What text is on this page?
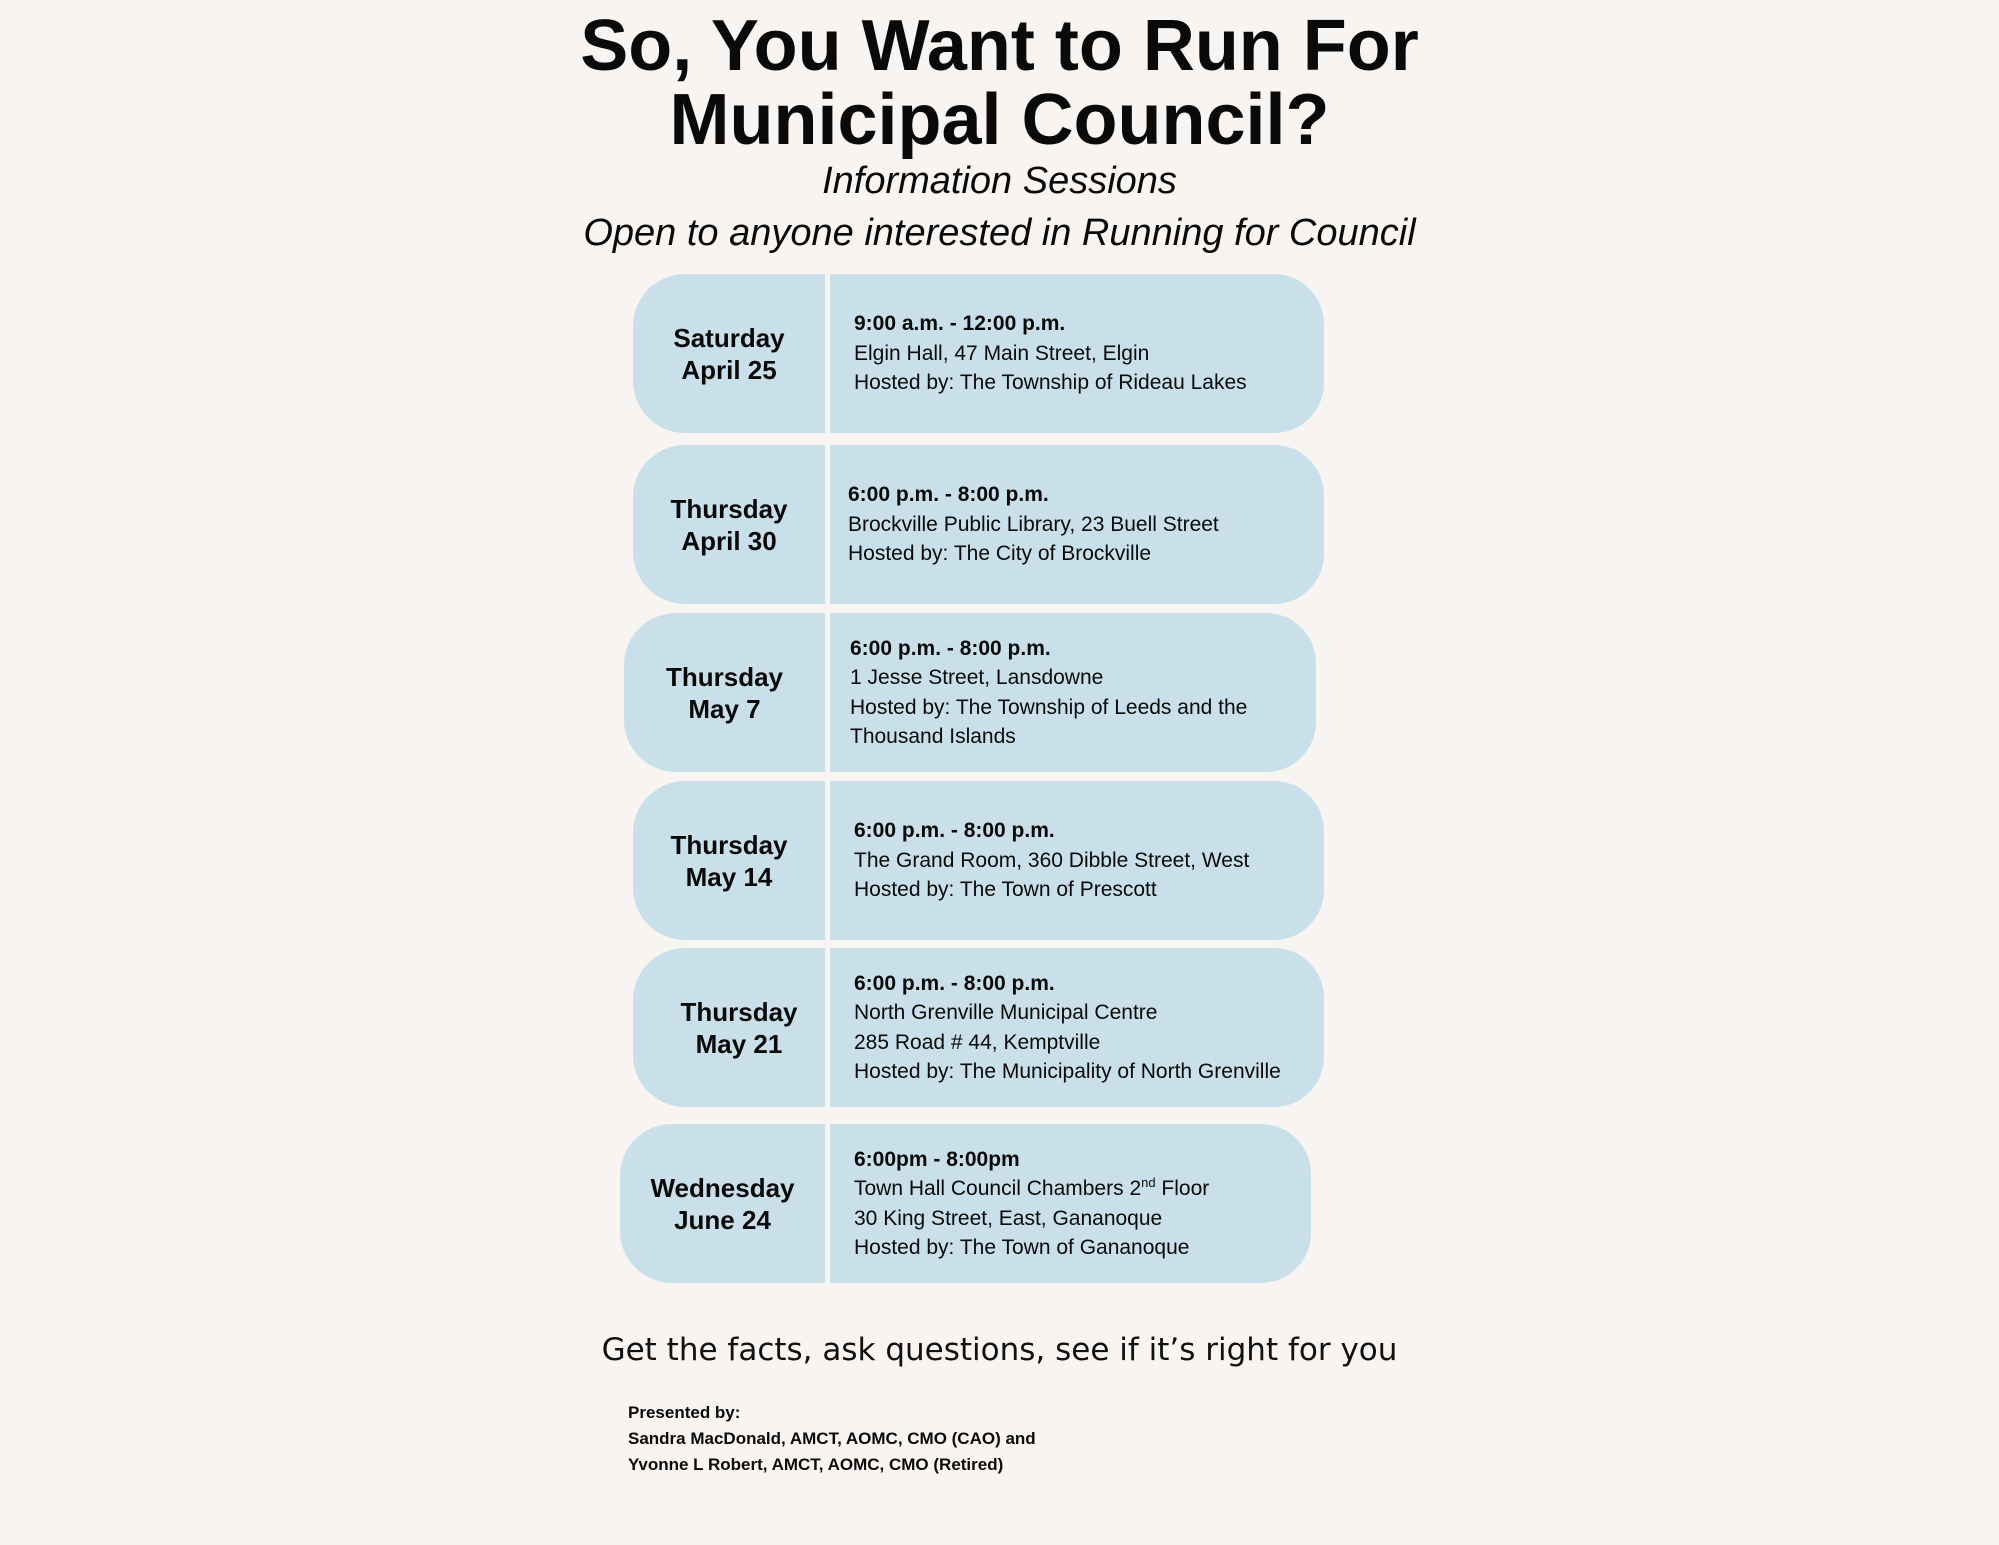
So, You Want to Run For
Municipal Council?
Information Sessions
Open to anyone interested in Running for Council
Saturday
April 25
9:00 a.m. - 12:00 p.m.
Elgin Hall, 47 Main Street, Elgin
Hosted by: The Township of Rideau Lakes
Thursday
April 30
6:00 p.m. - 8:00 p.m.
Brockville Public Library, 23 Buell Street
Hosted by: The City of Brockville
Thursday
May 7
6:00 p.m. - 8:00 p.m.
1 Jesse Street, Lansdowne
Hosted by: The Township of Leeds and the Thousand Islands
Thursday
May 14
6:00 p.m. - 8:00 p.m.
The Grand Room, 360 Dibble Street, West
Hosted by: The Town of Prescott
Thursday
May 21
6:00 p.m. - 8:00 p.m.
North Grenville Municipal Centre
285 Road # 44, Kemptville
Hosted by: The Municipality of North Grenville
Wednesday
June 24
6:00pm - 8:00pm
Town Hall Council Chambers 2nd Floor
30 King Street, East, Gananoque
Hosted by: The Town of Gananoque
Get the facts, ask questions, see if it’s right for you
Presented by:
Sandra MacDonald, AMCT, AOMC, CMO (CAO) and
Yvonne L Robert, AMCT, AOMC, CMO (Retired)
